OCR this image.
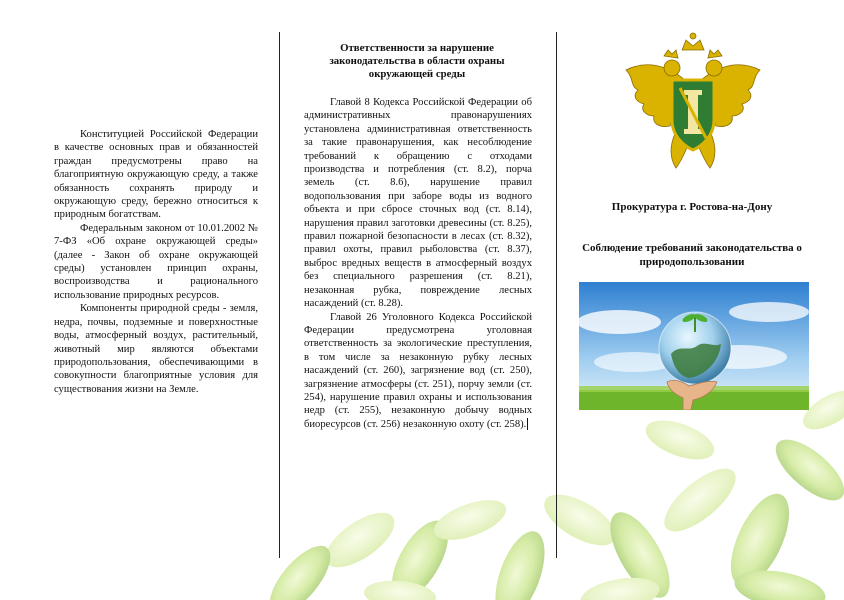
Конституцией Российской Федерации в качестве основных прав и обязанностей граждан предусмотрены право на благоприятную окружающую среду, а также обязанность сохранять природу и окружающую среду, бережно относиться к природным богатствам.

Федеральным законом от 10.01.2002 № 7-ФЗ «Об охране окружающей среды» (далее - Закон об охране окружающей среды) установлен принцип охраны, воспроизводства и рационального использование природных ресурсов.

Компоненты природной среды - земля, недра, почвы, подземные и поверхностные воды, атмосферный воздух, растительный, животный мир являются объектами природопользования, обеспечивающими в совокупности благоприятные условия для существования жизни на Земле.

Ответственности за нарушение законодательства в области охраны окружающей среды

Главой 8 Кодекса Российской Федерации об административных правонарушениях установлена административная ответственность за такие правонарушения, как несоблюдение требований к обращению с отходами производства и потребления (ст. 8.2), порча земель (ст. 8.6), нарушение правил водопользования при заборе воды из водного объекта и при сбросе сточных вод (ст. 8.14), нарушения правил заготовки древесины (ст. 8.25), правил пожарной безопасности в лесах (ст. 8.32), правил охоты, правил рыболовства (ст. 8.37), выброс вредных веществ в атмосферный воздух без специального разрешения (ст. 8.21), незаконная рубка, повреждение лесных насаждений (ст. 8.28).

Главой 26 Уголовного Кодекса Российской Федерации предусмотрена уголовная ответственность за экологические преступления, в том числе за незаконную рубку лесных насаждений (ст. 260), загрязнение вод (ст. 250), загрязнение атмосферы (ст. 251), порчу земли (ст. 254), нарушение правил охраны и использования недр (ст. 255), незаконную добычу водных биоресурсов (ст. 256) незаконную охоту (ст. 258).

Прокуратура г. Ростова-на-Дону
Соблюдение требований законодательства о природопользовании
